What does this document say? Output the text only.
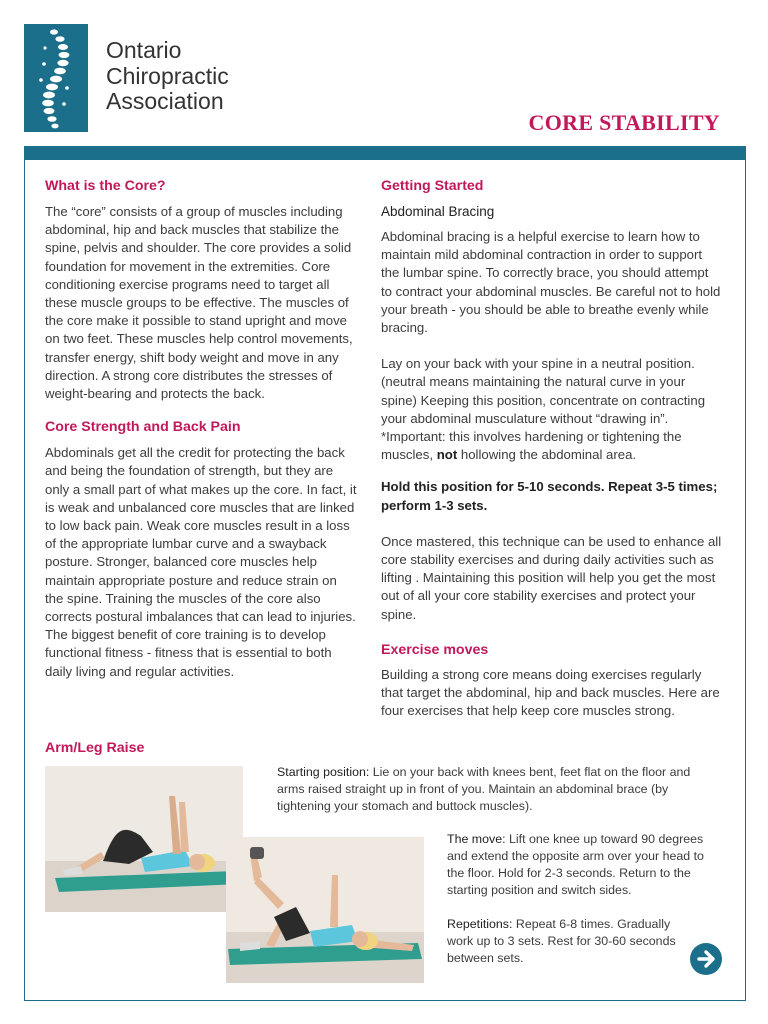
Ontario
Chiropractic
Association
CORE STABILITY
What is the Core?

The “core” consists of a group of muscles including abdominal, hip and back muscles that stabilize the spine, pelvis and shoulder. The core provides a solid foundation for movement in the extremities. Core conditioning exercise programs need to target all these muscle groups to be effective. The muscles of the core make it possible to stand upright and move on two feet. These muscles help control movements, transfer energy, shift body weight and move in any direction. A strong core distributes the stresses of weight-bearing and protects the back.

Core Strength and Back Pain

Abdominals get all the credit for protecting the back and being the foundation of strength, but they are only a small part of what makes up the core. In fact, it is weak and unbalanced core muscles that are linked to low back pain. Weak core muscles result in a loss of the appropriate lumbar curve and a swayback posture. Stronger, balanced core muscles help maintain appropriate posture and reduce strain on the spine. Training the muscles of the core also corrects postural imbalances that can lead to injuries. The biggest benefit of core training is to develop functional fitness - fitness that is essential to both daily living and regular activities.

Getting Started
Abdominal Bracing

Abdominal bracing is a helpful exercise to learn how to maintain mild abdominal contraction in order to support the lumbar spine. To correctly brace, you should attempt to contract your abdominal muscles. Be careful not to hold your breath - you should be able to breathe evenly while bracing.

Lay on your back with your spine in a neutral position. (neutral means maintaining the natural curve in your spine) Keeping this position, concentrate on contracting your abdominal musculature without “drawing in”. *Important: this involves hardening or tightening the muscles, not hollowing the abdominal area.

Hold this position for 5-10 seconds. Repeat 3-5 times; perform 1-3 sets.

Once mastered, this technique can be used to enhance all core stability exercises and during daily activities such as lifting . Maintaining this position will help you get the most out of all your core stability exercises and protect your spine.

Exercise moves

Building a strong core means doing exercises regularly that target the abdominal, hip and back muscles. Here are four exercises that help keep core muscles strong.

Arm/Leg Raise
Starting position: Lie on your back with knees bent, feet flat on the floor and arms raised straight up in front of you. Maintain an abdominal brace (by tightening your stomach and buttock muscles).
The move: Lift one knee up toward 90 degrees and extend the opposite arm over your head to the floor. Hold for 2-3 seconds. Return to the starting position and switch sides.
Repetitions: Repeat 6-8 times. Gradually work up to 3 sets. Rest for 30-60 seconds between sets.
